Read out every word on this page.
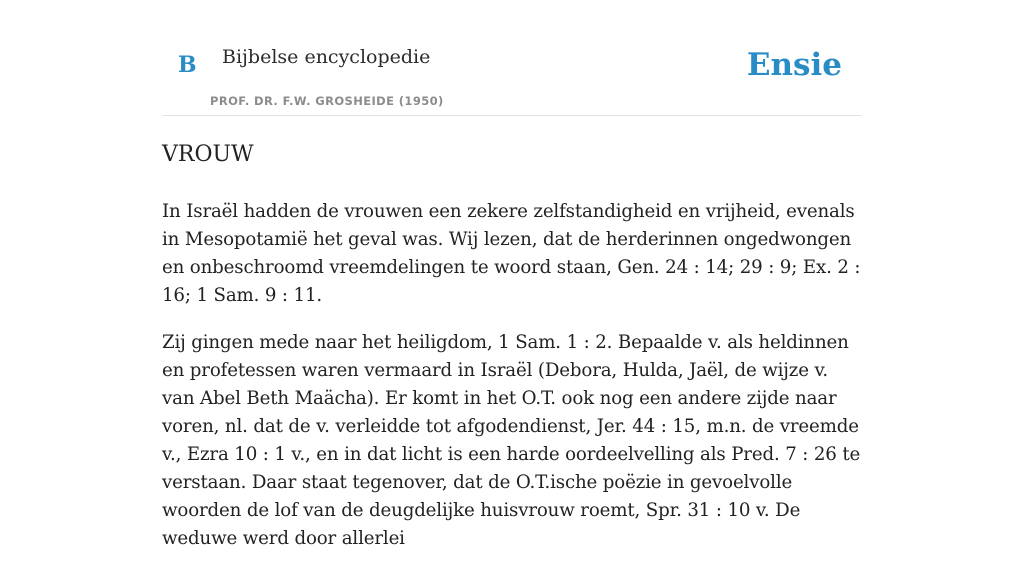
B Bijbelse encyclopedie
PROF. DR. F.W. GROSHEIDE (1950)
Ensie
VROUW

In Israël hadden de vrouwen een zekere zelfstandigheid en vrijheid, evenals in Mesopotamië het geval was. Wij lezen, dat de herderinnen ongedwongen en onbeschroomd vreemdelingen te woord staan, Gen. 24 : 14; 29 : 9; Ex. 2 : 16; 1 Sam. 9 : 11.

Zij gingen mede naar het heiligdom, 1 Sam. 1 : 2. Bepaalde v. als heldinnen en profetessen waren vermaard in Israël (Debora, Hulda, Jaël, de wijze v. van Abel Beth Maächa). Er komt in het O.T. ook nog een andere zijde naar voren, nl. dat de v. verleidde tot afgodendienst, Jer. 44 : 15, m.n. de vreemde v., Ezra 10 : 1 v., en in dat licht is een harde oordeelvelling als Pred. 7 : 26 te verstaan. Daar staat tegenover, dat de O.T.ische poëzie in gevoelvolle woorden de lof van de deugdelijke huisvrouw roemt, Spr. 31 : 10 v. De weduwe werd door allerlei
